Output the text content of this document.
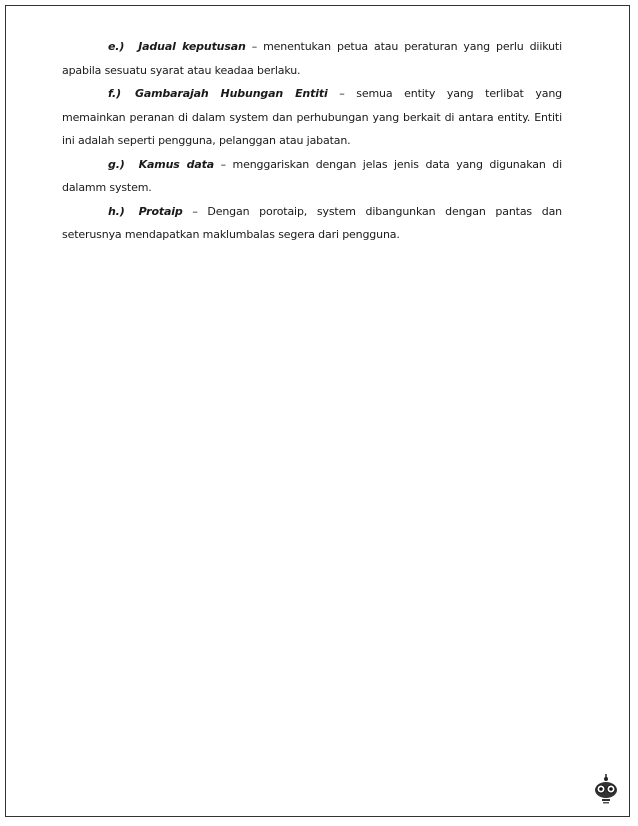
e.) Jadual keputusan – menentukan petua atau peraturan yang perlu diikuti apabila sesuatu syarat atau keadaa berlaku.

f.) Gambarajah Hubungan Entiti – semua entity yang terlibat yang memainkan peranan di dalam system dan perhubungan yang berkait di antara entity. Entiti ini adalah seperti pengguna, pelanggan atau jabatan.

g.) Kamus data – menggariskan dengan jelas jenis data yang digunakan di dalamm system.

h.) Protaip – Dengan porotaip, system dibangunkan dengan pantas dan seterusnya mendapatkan maklumbalas segera dari pengguna.
